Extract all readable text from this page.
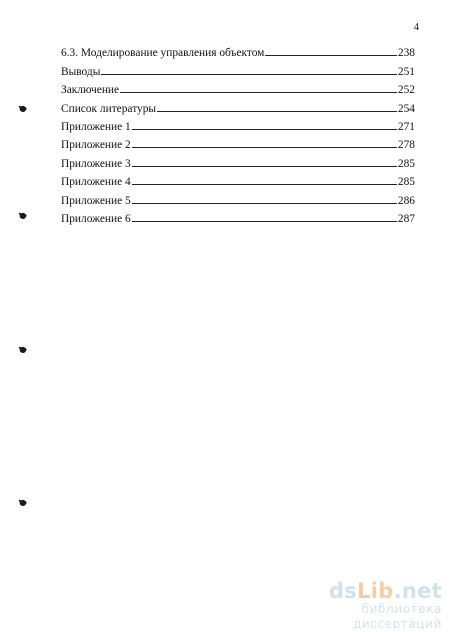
4
6.3. Моделирование управления объектом	238
Выводы	251
Заключение	252
Список литературы	254
Приложение 1	271
Приложение 2	278
Приложение 3	285
Приложение 4	285
Приложение 5	286
Приложение 6	287
dsLib.net
библиотека диссертаций
